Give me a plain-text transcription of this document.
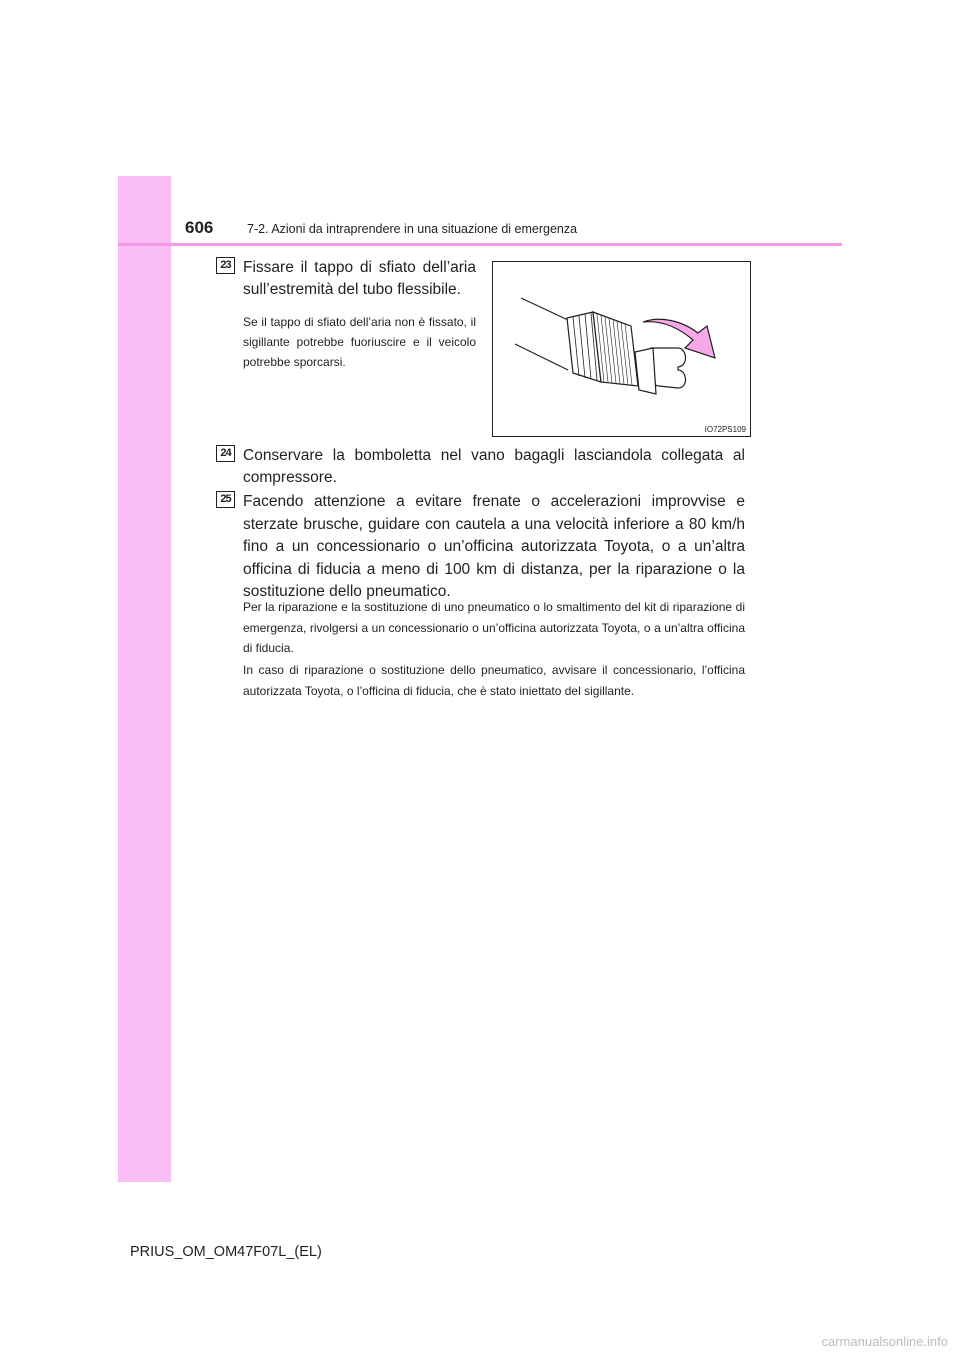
606	7-2. Azioni da intraprendere in una situazione di emergenza
23 Fissare il tappo di sfiato dell’aria sull’estremità del tubo flessibile.
Se il tappo di sfiato dell’aria non è fissato, il sigillante potrebbe fuoriuscire e il veicolo potrebbe sporcarsi.
IO72PS109
24 Conservare la bomboletta nel vano bagagli lasciandola collegata al compressore.
25 Facendo attenzione a evitare frenate o accelerazioni improvvise e sterzate brusche, guidare con cautela a una velocità inferiore a 80 km/h fino a un concessionario o un’officina autorizzata Toyota, o a un’altra officina di fiducia a meno di 100 km di distanza, per la riparazione o la sostituzione dello pneumatico.
Per la riparazione e la sostituzione di uno pneumatico o lo smaltimento del kit di riparazione di emergenza, rivolgersi a un concessionario o un’officina autorizzata Toyota, o a un’altra officina di fiducia.
In caso di riparazione o sostituzione dello pneumatico, avvisare il concessionario, l’officina autorizzata Toyota, o l’officina di fiducia, che è stato iniettato del sigillante.
PRIUS_OM_OM47F07L_(EL)
carmanualsonline.info
